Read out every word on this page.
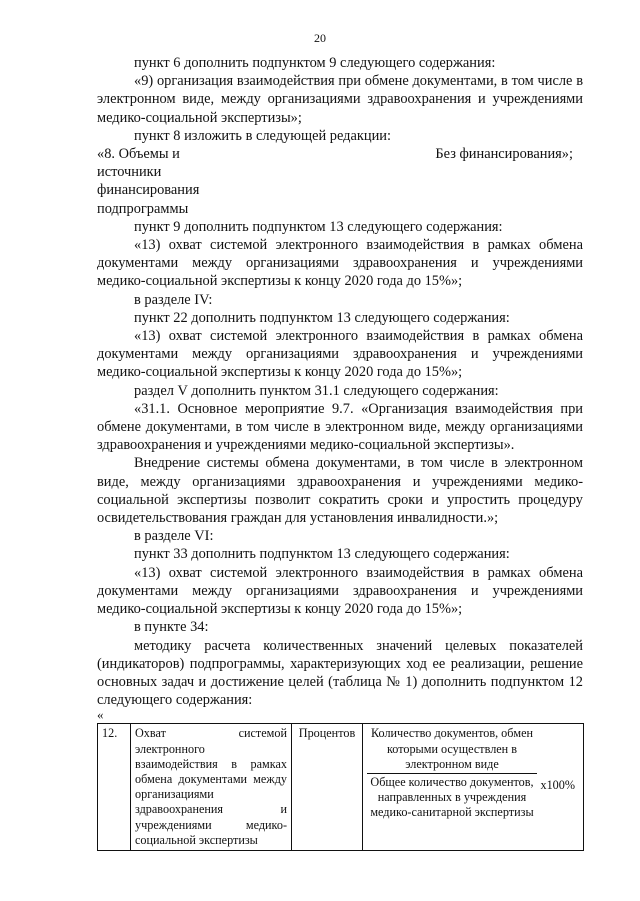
20

пункт 6 дополнить подпунктом 9 следующего содержания:

«9) организация взаимодействия при обмене документами, в том числе в электронном виде, между организациями здравоохранения и учреждениями медико-социальной экспертизы»;

пункт 8 изложить в следующей редакции:

«8. Объемы и источники финансирования подпрограммы
Без финансирования»;

пункт 9 дополнить подпунктом 13 следующего содержания:

«13) охват системой электронного взаимодействия в рамках обмена документами между организациями здравоохранения и учреждениями медико-социальной экспертизы к концу 2020 года до 15%»;

в разделе IV:

пункт 22 дополнить подпунктом 13 следующего содержания:

«13) охват системой электронного взаимодействия в рамках обмена документами между организациями здравоохранения и учреждениями медико-социальной экспертизы к концу 2020 года до 15%»;

раздел V дополнить пунктом 31.1 следующего содержания:

«31.1. Основное мероприятие 9.7. «Организация взаимодействия при обмене документами, в том числе в электронном виде, между организациями здравоохранения и учреждениями медико-социальной экспертизы».

Внедрение системы обмена документами, в том числе в электронном виде, между организациями здравоохранения и учреждениями медико-социальной экспертизы позволит сократить сроки и упростить процедуру освидетельствования граждан для установления инвалидности.»;

в разделе VI:

пункт 33 дополнить подпунктом 13 следующего содержания:

«13) охват системой электронного взаимодействия в рамках обмена документами между организациями здравоохранения и учреждениями медико-социальной экспертизы к концу 2020 года до 15%»;

в пункте 34:

методику расчета количественных значений целевых показателей (индикаторов) подпрограммы, характеризующих ход ее реализации, решение основных задач и достижение целей (таблица № 1) дополнить подпунктом 12 следующего содержания:

«

12.	Охват системой электронного взаимодействия в рамках обмена документами между организациями здравоохранения и учреждениями медико-социальной экспертизы	Процентов	Количество документов, обмен которыми осуществлен в электронном виде
Общее количество документов, направленных в учреждения медико-санитарной экспертизы
x100%
